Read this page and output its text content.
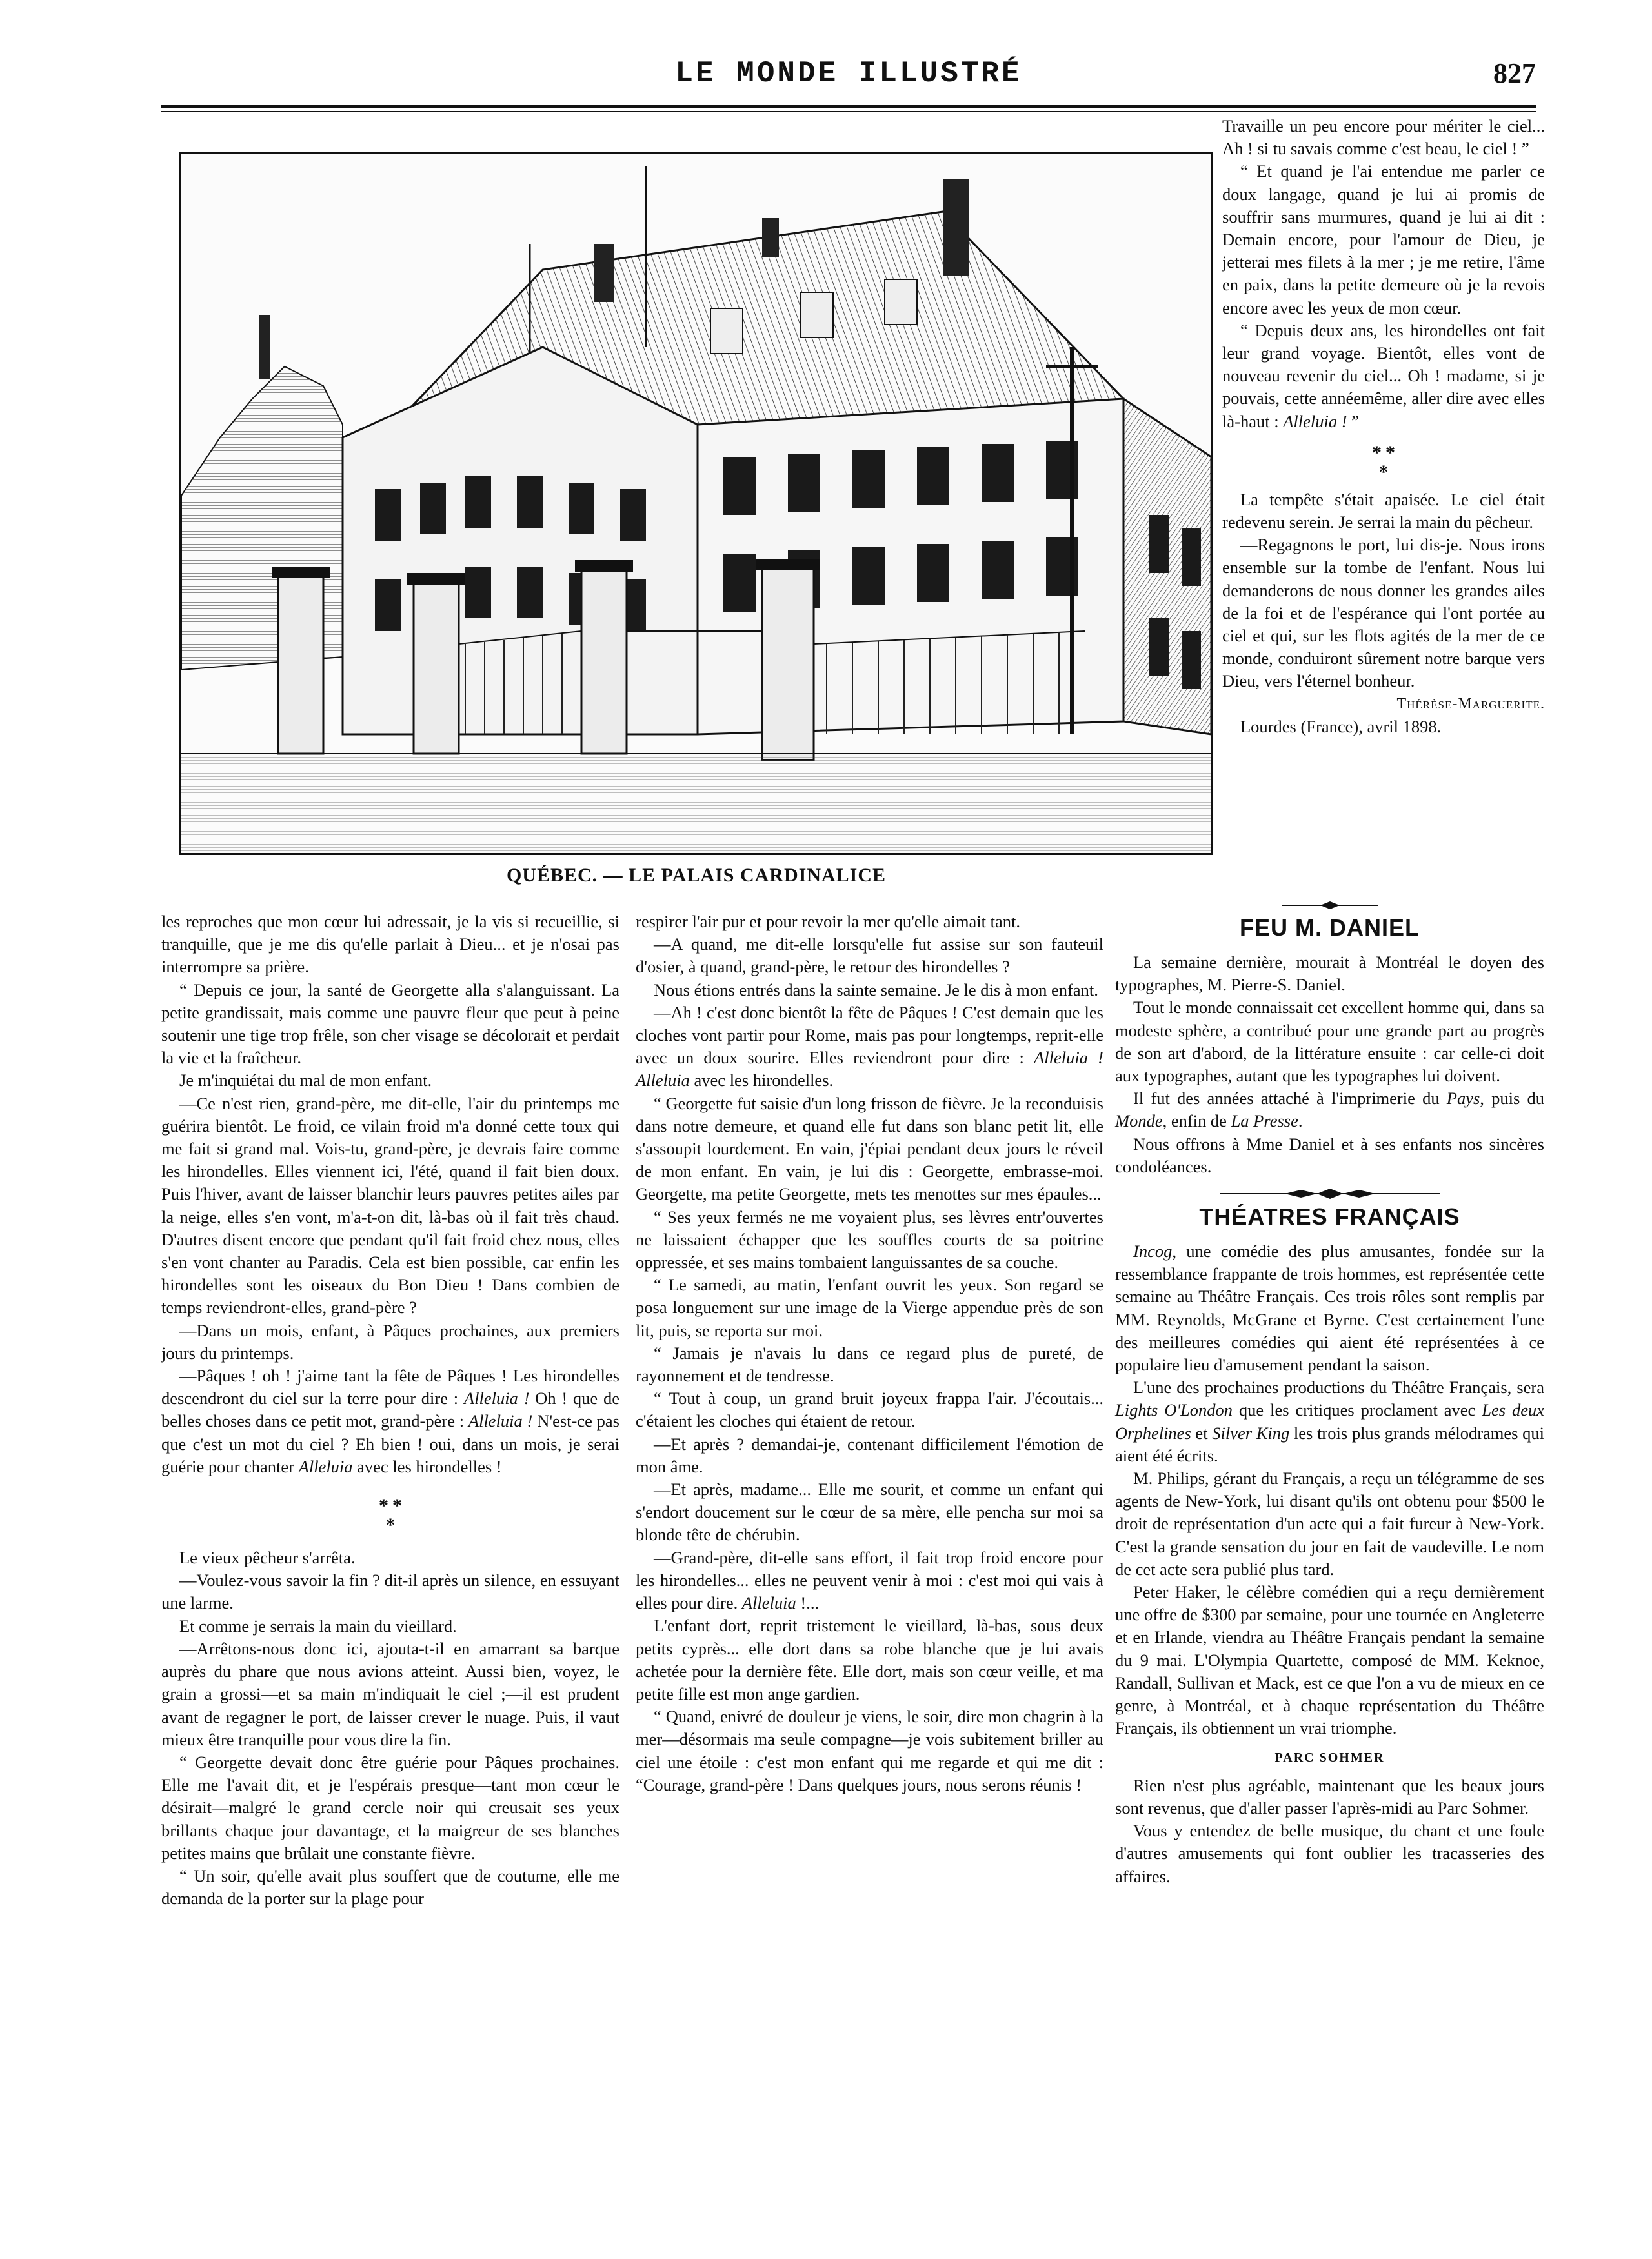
LE MONDE ILLUSTRÉ	827
QUÉBEC. — LE PALAIS CARDINALICE

les reproches que mon cœur lui adressait, je la vis si recueillie, si tranquille, que je me dis qu'elle parlait à Dieu... et je n'osai pas interrompre sa prière.

“ Depuis ce jour, la santé de Georgette alla s'alanguissant. La petite grandissait, mais comme une pauvre fleur que peut à peine soutenir une tige trop frêle, son cher visage se décolorait et perdait la vie et la fraîcheur.

Je m'inquiétai du mal de mon enfant.

—Ce n'est rien, grand-père, me dit-elle, l'air du printemps me guérira bientôt. Le froid, ce vilain froid m'a donné cette toux qui me fait si grand mal. Vois-tu, grand-père, je devrais faire comme les hirondelles. Elles viennent ici, l'été, quand il fait bien doux. Puis l'hiver, avant de laisser blanchir leurs pauvres petites ailes par la neige, elles s'en vont, m'a-t-on dit, là-bas où il fait très chaud. D'autres disent encore que pendant qu'il fait froid chez nous, elles s'en vont chanter au Paradis. Cela est bien possible, car enfin les hirondelles sont les oiseaux du Bon Dieu ! Dans combien de temps reviendront-elles, grand-père ?

—Dans un mois, enfant, à Pâques prochaines, aux premiers jours du printemps.

—Pâques ! oh ! j'aime tant la fête de Pâques ! Les hirondelles descendront du ciel sur la terre pour dire : Alleluia ! Oh ! que de belles choses dans ce petit mot, grand-père : Alleluia ! N'est-ce pas que c'est un mot du ciel ? Eh bien ! oui, dans un mois, je serai guérie pour chanter Alleluia avec les hirondelles !

* *
*

Le vieux pêcheur s'arrêta.

—Voulez-vous savoir la fin ? dit-il après un silence, en essuyant une larme.

Et comme je serrais la main du vieillard.

—Arrêtons-nous donc ici, ajouta-t-il en amarrant sa barque auprès du phare que nous avions atteint. Aussi bien, voyez, le grain a grossi—et sa main m'indiquait le ciel ;—il est prudent avant de regagner le port, de laisser crever le nuage. Puis, il vaut mieux être tranquille pour vous dire la fin.

“ Georgette devait donc être guérie pour Pâques prochaines. Elle me l'avait dit, et je l'espérais presque—tant mon cœur le désirait—malgré le grand cercle noir qui creusait ses yeux brillants chaque jour davantage, et la maigreur de ses blanches petites mains que brûlait une constante fièvre.

“ Un soir, qu'elle avait plus souffert que de coutume, elle me demanda de la porter sur la plage pour

respirer l'air pur et pour revoir la mer qu'elle aimait tant.

—A quand, me dit-elle lorsqu'elle fut assise sur son fauteuil d'osier, à quand, grand-père, le retour des hirondelles ?

Nous étions entrés dans la sainte semaine. Je le dis à mon enfant.

—Ah ! c'est donc bientôt la fête de Pâques ! C'est demain que les cloches vont partir pour Rome, mais pas pour longtemps, reprit-elle avec un doux sourire. Elles reviendront pour dire : Alleluia ! Alleluia avec les hirondelles.

“ Georgette fut saisie d'un long frisson de fièvre. Je la reconduisis dans notre demeure, et quand elle fut dans son blanc petit lit, elle s'assoupit lourdement. En vain, j'épiai pendant deux jours le réveil de mon enfant. En vain, je lui dis : Georgette, embrasse-moi. Georgette, ma petite Georgette, mets tes menottes sur mes épaules...

“ Ses yeux fermés ne me voyaient plus, ses lèvres entr'ouvertes ne laissaient échapper que les souffles courts de sa poitrine oppressée, et ses mains tombaient languissantes de sa couche.

“ Le samedi, au matin, l'enfant ouvrit les yeux. Son regard se posa longuement sur une image de la Vierge appendue près de son lit, puis, se reporta sur moi.

“ Jamais je n'avais lu dans ce regard plus de pureté, de rayonnement et de tendresse.

“ Tout à coup, un grand bruit joyeux frappa l'air. J'écoutais... c'étaient les cloches qui étaient de retour.

—Et après ? demandai-je, contenant difficilement l'émotion de mon âme.

—Et après, madame... Elle me sourit, et comme un enfant qui s'endort doucement sur le cœur de sa mère, elle pencha sur moi sa blonde tête de chérubin.

—Grand-père, dit-elle sans effort, il fait trop froid encore pour les hirondelles... elles ne peuvent venir à moi : c'est moi qui vais à elles pour dire. Alleluia !...

L'enfant dort, reprit tristement le vieillard, là-bas, sous deux petits cyprès... elle dort dans sa robe blanche que je lui avais achetée pour la dernière fête. Elle dort, mais son cœur veille, et ma petite fille est mon ange gardien.

“ Quand, enivré de douleur je viens, le soir, dire mon chagrin à la mer—désormais ma seule compagne—je vois subitement briller au ciel une étoile : c'est mon enfant qui me regarde et qui me dit : “Courage, grand-père ! Dans quelques jours, nous serons réunis !

Travaille un peu encore pour mériter le ciel... Ah ! si tu savais comme c'est beau, le ciel ! ”

“ Et quand je l'ai entendue me parler ce doux langage, quand je lui ai promis de souffrir sans murmures, quand je lui ai dit : Demain encore, pour l'amour de Dieu, je jetterai mes filets à la mer ; je me retire, l'âme en paix, dans la petite demeure où je la revois encore avec les yeux de mon cœur.

“ Depuis deux ans, les hirondelles ont fait leur grand voyage. Bientôt, elles vont de nouveau revenir du ciel... Oh ! madame, si je pouvais, cette annéemême, aller dire avec elles là-haut : Alleluia ! ”

* *
*

La tempête s'était apaisée. Le ciel était redevenu serein. Je serrai la main du pêcheur.

—Regagnons le port, lui dis-je. Nous irons ensemble sur la tombe de l'enfant. Nous lui demanderons de nous donner les grandes ailes de la foi et de l'espérance qui l'ont portée au ciel et qui, sur les flots agités de la mer de ce monde, conduiront sûrement notre barque vers Dieu, vers l'éternel bonheur.

Thérèse-Marguerite.
Lourdes (France), avril 1898.
FEU M. DANIEL

La semaine dernière, mourait à Montréal le doyen des typographes, M. Pierre-S. Daniel.

Tout le monde connaissait cet excellent homme qui, dans sa modeste sphère, a contribué pour une grande part au progrès de son art d'abord, de la littérature ensuite : car celle-ci doit aux typographes, autant que les typographes lui doivent.

Il fut des années attaché à l'imprimerie du Pays, puis du Monde, enfin de La Presse.

Nous offrons à Mme Daniel et à ses enfants nos sincères condoléances.

THÉATRES FRANÇAIS

Incog, une comédie des plus amusantes, fondée sur la ressemblance frappante de trois hommes, est représentée cette semaine au Théâtre Français. Ces trois rôles sont remplis par MM. Reynolds, McGrane et Byrne. C'est certainement l'une des meilleures comédies qui aient été représentées à ce populaire lieu d'amusement pendant la saison.

L'une des prochaines productions du Théâtre Français, sera Lights O'London que les critiques proclament avec Les deux Orphelines et Silver King les trois plus grands mélodrames qui aient été écrits.

M. Philips, gérant du Français, a reçu un télégramme de ses agents de New-York, lui disant qu'ils ont obtenu pour $500 le droit de représentation d'un acte qui a fait fureur à New-York. C'est la grande sensation du jour en fait de vaudeville. Le nom de cet acte sera publié plus tard.

Peter Haker, le célèbre comédien qui a reçu dernièrement une offre de $300 par semaine, pour une tournée en Angleterre et en Irlande, viendra au Théâtre Français pendant la semaine du 9 mai. L'Olympia Quartette, composé de MM. Keknoe, Randall, Sullivan et Mack, est ce que l'on a vu de mieux en ce genre, à Montréal, et à chaque représentation du Théâtre Français, ils obtiennent un vrai triomphe.

PARC SOHMER

Rien n'est plus agréable, maintenant que les beaux jours sont revenus, que d'aller passer l'après-midi au Parc Sohmer.

Vous y entendez de belle musique, du chant et une foule d'autres amusements qui font oublier les tracasseries des affaires.
